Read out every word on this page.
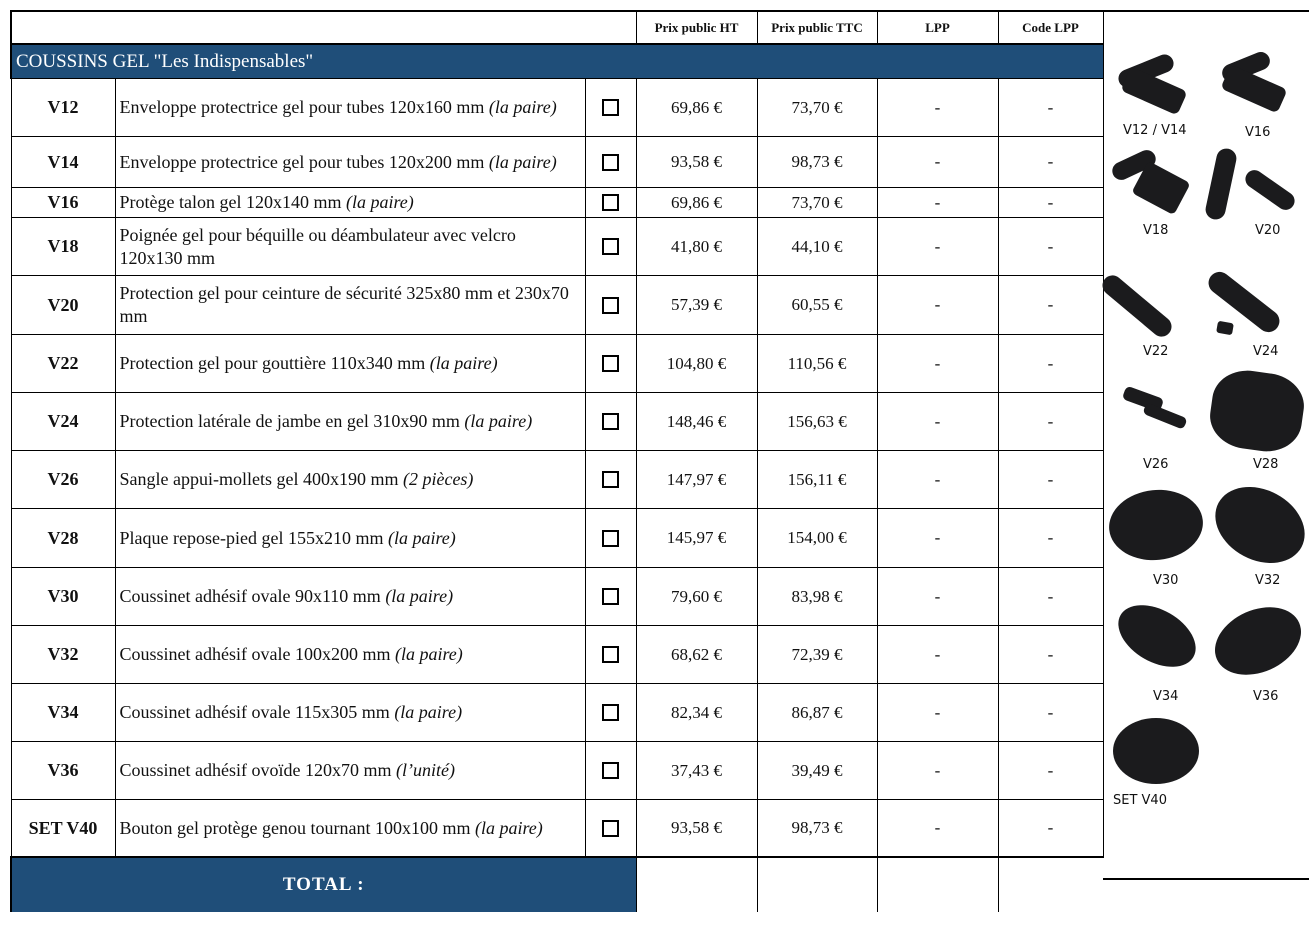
			Prix public HT	Prix public TTC	LPP	Code LPP
COUSSINS GEL "Les Indispensables"						
V12	Enveloppe protectrice gel pour tubes 120x160 mm (la paire)		69,86 €	73,70 €	-	-
V14	Enveloppe protectrice gel pour tubes 120x200 mm (la paire)		93,58 €	98,73 €	-	-
V16	Protège talon gel 120x140 mm (la paire)		69,86 €	73,70 €	-	-
V18	Poignée gel pour béquille ou déambulateur avec velcro 120x130 mm		41,80 €	44,10 €	-	-
V20	Protection gel pour ceinture de sécurité 325x80 mm et 230x70 mm		57,39 €	60,55 €	-	-
V22	Protection gel pour gouttière 110x340 mm (la paire)		104,80 €	110,56 €	-	-
V24	Protection latérale de jambe en gel 310x90 mm (la paire)		148,46 €	156,63 €	-	-
V26	Sangle appui-mollets gel 400x190 mm (2 pièces)		147,97 €	156,11 €	-	-
V28	Plaque repose-pied gel 155x210 mm (la paire)		145,97 €	154,00 €	-	-
V30	Coussinet adhésif ovale 90x110 mm (la paire)		79,60 €	83,98 €	-	-
V32	Coussinet adhésif ovale 100x200 mm (la paire)		68,62 €	72,39 €	-	-
V34	Coussinet adhésif ovale 115x305 mm (la paire)		82,34 €	86,87 €	-	-
V36	Coussinet adhésif ovoïde 120x70 mm (l’unité)		37,43 €	39,49 €	-	-
SET V40	Bouton gel protège genou tournant 100x100 mm (la paire)		93,58 €	98,73 €	-	-
TOTAL :						
V12 / V14	V16
V18	V20
V22	V24
V26	V28
V30	V32
V34	V36
SET V40
